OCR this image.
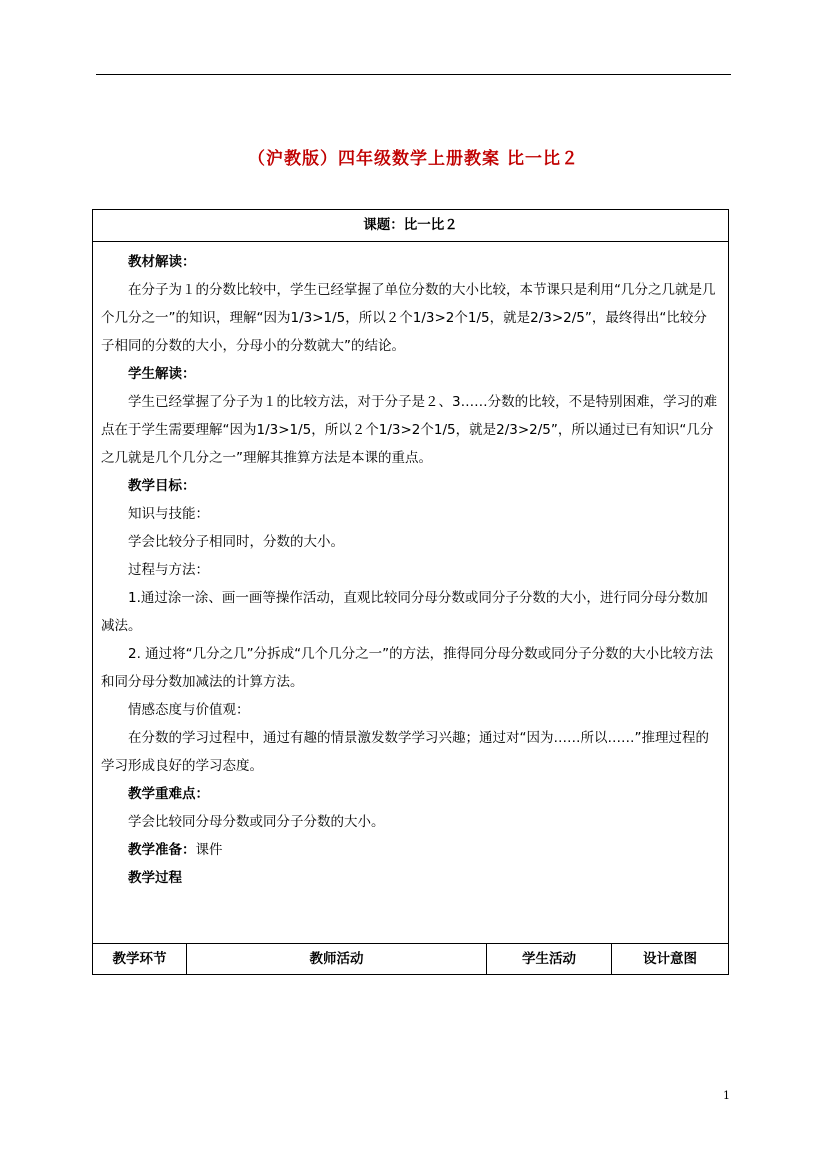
（沪教版）四年级数学上册教案 比一比２
课题：比一比２

教材解读：

在分子为１的分数比较中，学生已经掌握了单位分数的大小比较，本节课只是利用“几分之几就是几个几分之一”的知识，理解“因为1/3>1/5，所以２个1/3>2个1/5，就是2/3>2/5”，最终得出“比较分子相同的分数的大小，分母小的分数就大”的结论。

学生解读：

学生已经掌握了分子为１的比较方法，对于分子是２、3……分数的比较，不是特别困难，学习的难点在于学生需要理解“因为1/3>1/5，所以２个1/3>2个1/5，就是2/3>2/5”，所以通过已有知识“几分之几就是几个几分之一”理解其推算方法是本课的重点。

教学目标：

知识与技能：

学会比较分子相同时，分数的大小。

过程与方法：

1.通过涂一涂、画一画等操作活动，直观比较同分母分数或同分子分数的大小，进行同分母分数加减法。

2. 通过将“几分之几”分拆成“几个几分之一”的方法，推得同分母分数或同分子分数的大小比较方法和同分母分数加减法的计算方法。

情感态度与价值观：

在分数的学习过程中，通过有趣的情景激发数学学习兴趣；通过对“因为……所以……”推理过程的学习形成良好的学习态度。

教学重难点：

学会比较同分母分数或同分子分数的大小。

教学准备：课件

教学过程

教学环节	教师活动	学生活动	设计意图
1
